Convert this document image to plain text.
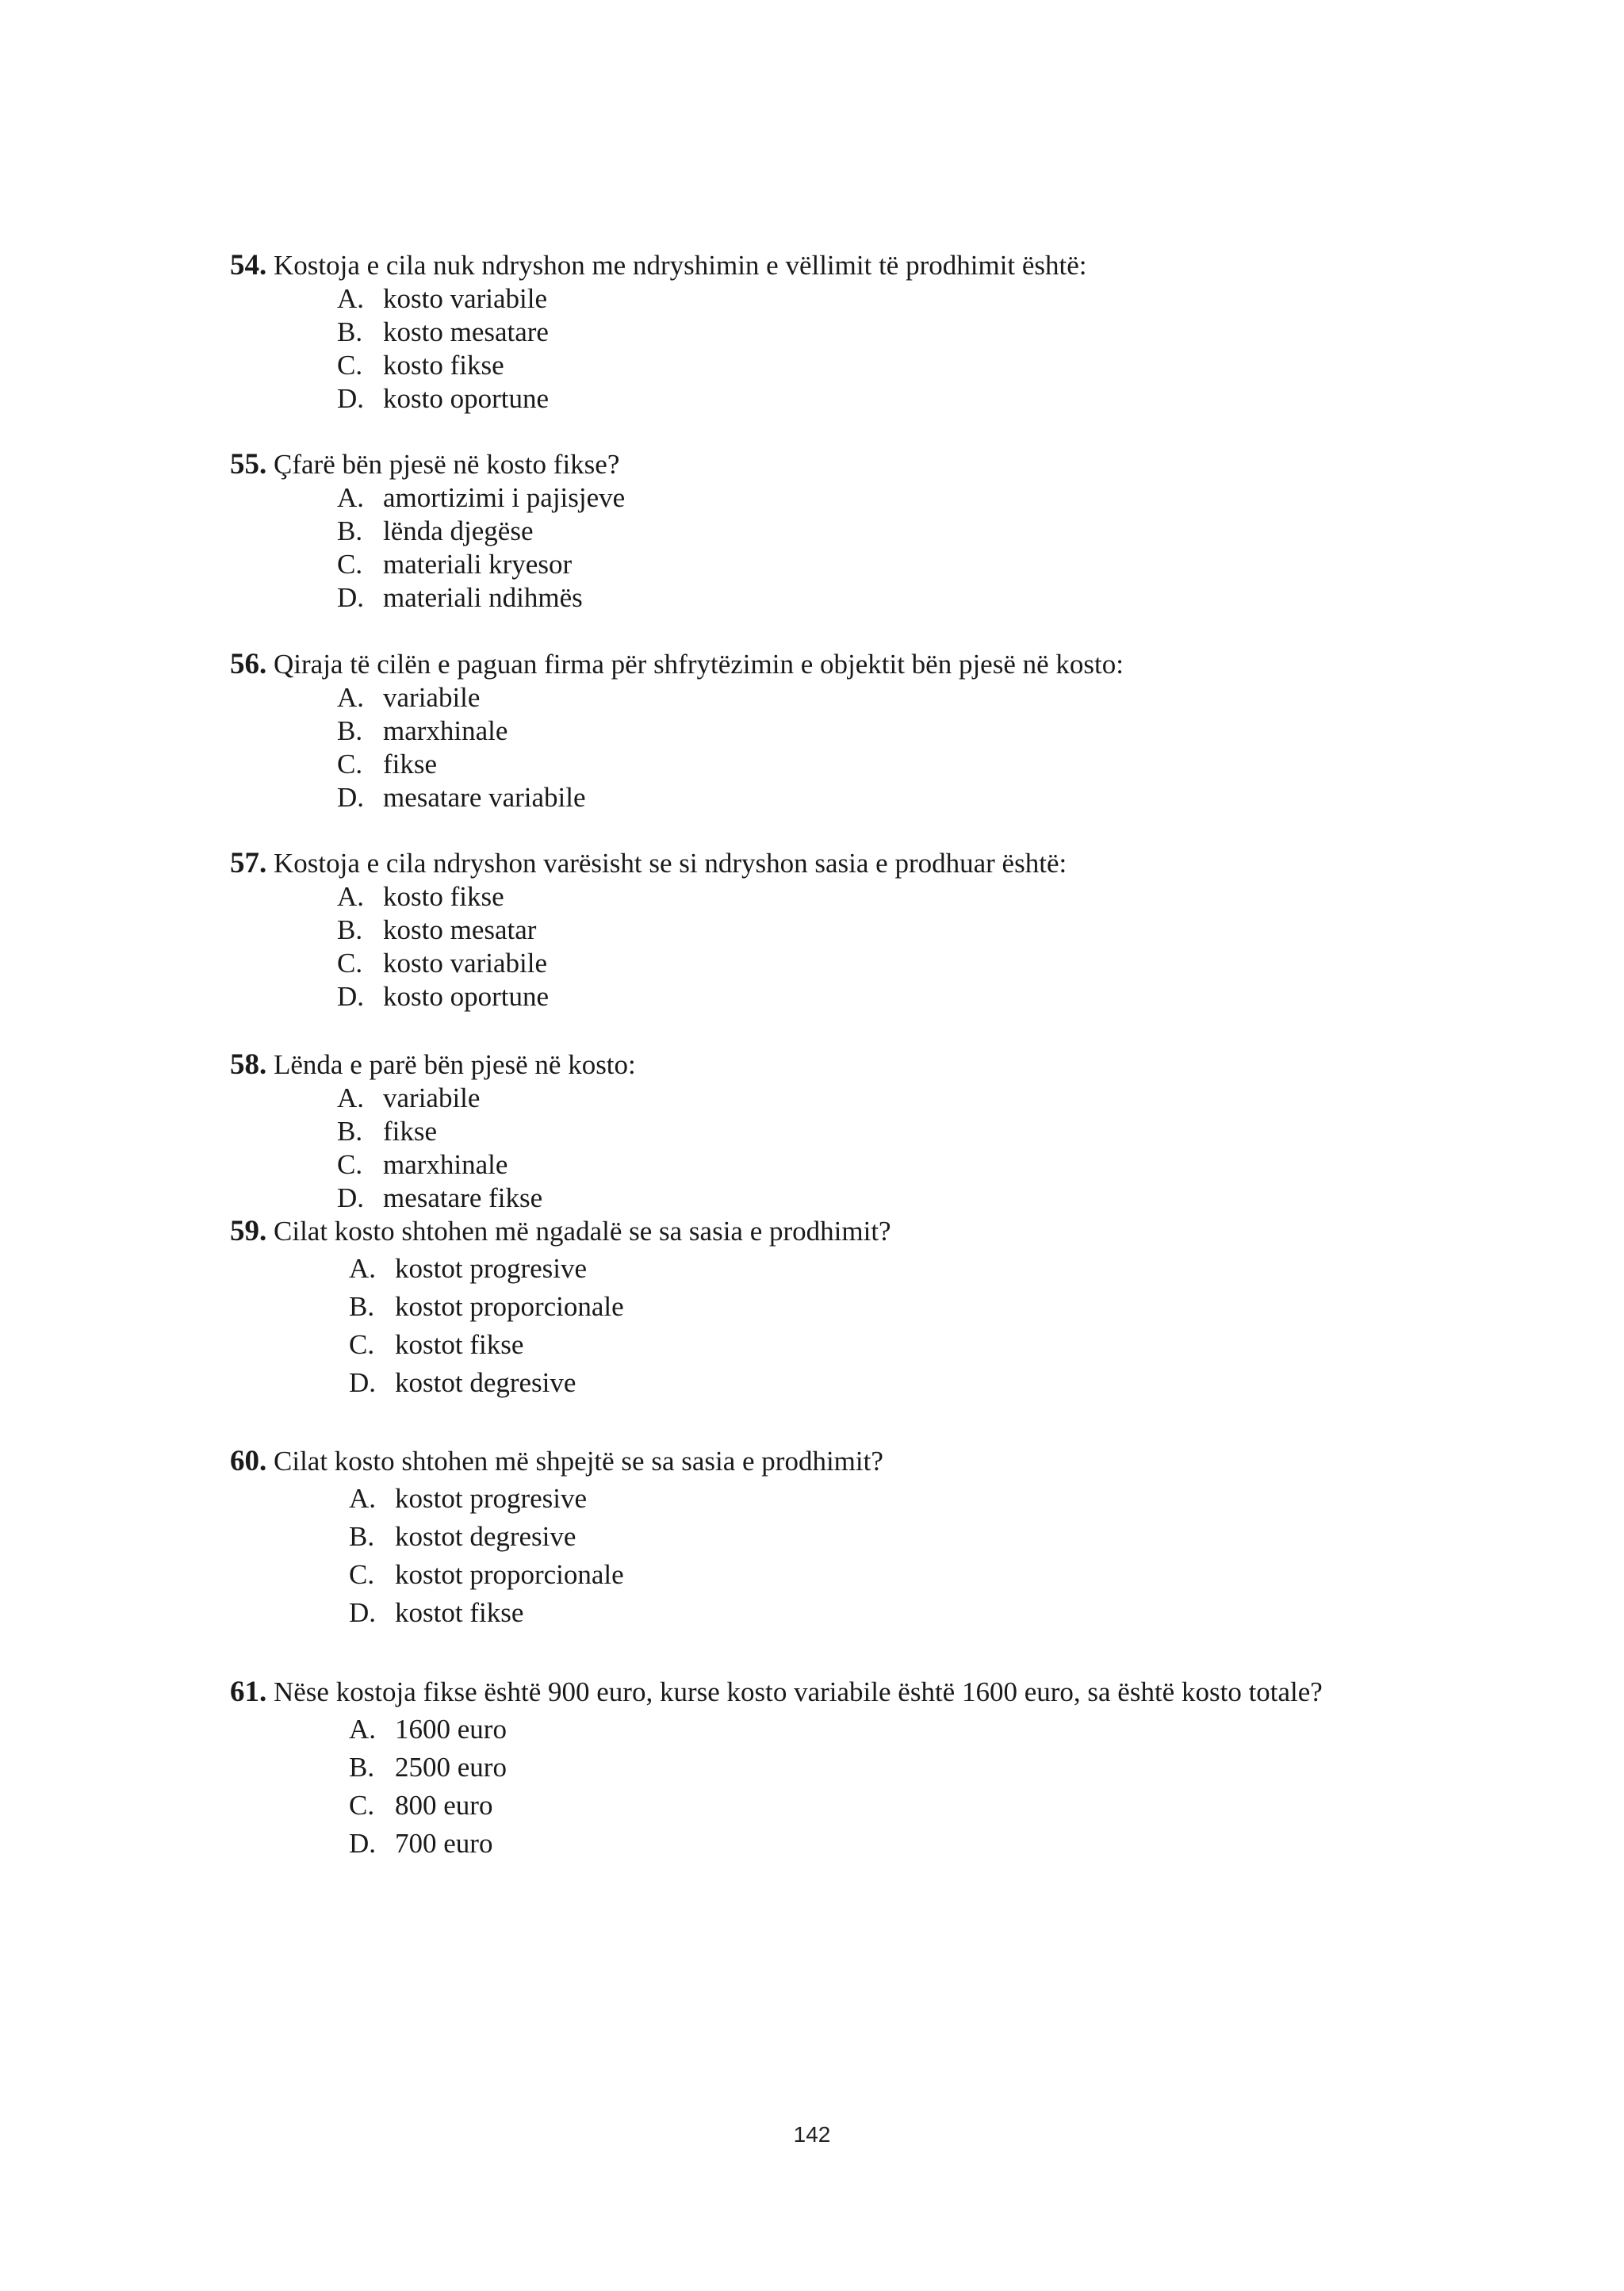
54. Kostoja e cila nuk ndryshon me ndryshimin e vëllimit të prodhimit është:
A. kosto variabile
B. kosto mesatare
C. kosto fikse
D. kosto oportune
55. Çfarë bën pjesë në kosto fikse?
A. amortizimi i pajisjeve
B. lënda djegëse
C. materiali kryesor
D. materiali ndihmës
56. Qiraja të cilën e paguan firma për shfrytëzimin e objektit bën pjesë në kosto:
A. variabile
B. marxhinale
C. fikse
D. mesatare variabile
57. Kostoja e cila ndryshon varësisht se si ndryshon sasia e prodhuar është:
A. kosto fikse
B. kosto mesatar
C. kosto variabile
D. kosto oportune
58. Lënda e parë bën pjesë në kosto:
A. variabile
B. fikse
C. marxhinale
D. mesatare fikse
59. Cilat kosto shtohen më ngadalë se sa sasia e prodhimit?
A. kostot progresive
B. kostot proporcionale
C. kostot fikse
D. kostot degresive
60. Cilat kosto shtohen më shpejtë se sa sasia e prodhimit?
A. kostot progresive
B. kostot degresive
C. kostot proporcionale
D. kostot fikse
61. Nëse kostoja fikse është 900 euro, kurse kosto variabile është 1600 euro, sa është kosto totale?
A. 1600 euro
B. 2500 euro
C. 800 euro
D. 700 euro
142
